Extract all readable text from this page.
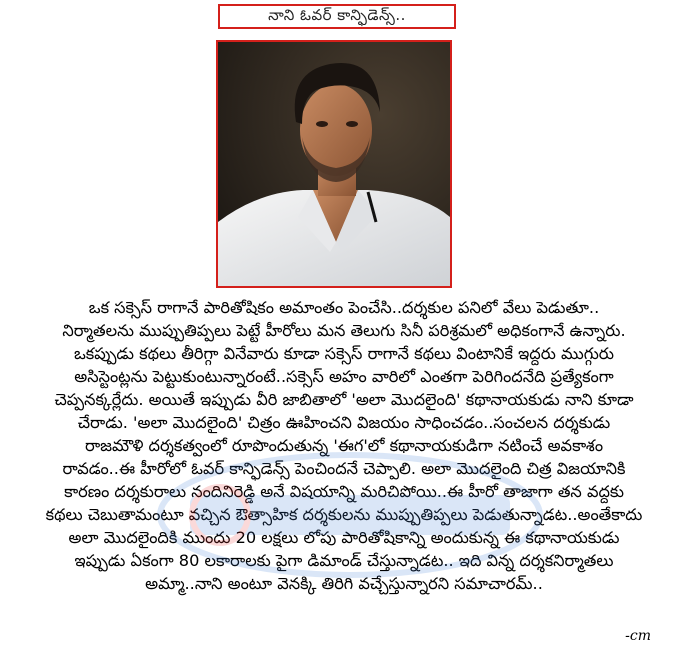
నాని ఓవర్ కాన్ఫిడెన్స్..
ఒక సక్సెస్ రాగానే పారితోషికం అమాంతం పెంచేసి..దర్శకుల పనిలో వేలు పెడుతూ..
నిర్మాతలను ముప్పుతిప్పలు పెట్టే హీరోలు మన తెలుగు సినీ పరిశ్రమలో అధికంగానే ఉన్నారు.
ఒకప్పుడు కథలు తీరిగ్గా వినేవారు కూడా సక్సెస్ రాగానే కథలు వింటానికే ఇద్దరు ముగ్గురు
అసిస్టెంట్లను పెట్టుకుంటున్నారంటే..సక్సెస్ అహం వారిలో ఎంతగా పెరిగిందనేది ప్రత్యేకంగా
చెప్పనక్కర్లేదు. అయితే ఇప్పుడు వీరి జాబితాలో 'అలా మొదలైంది' కథానాయకుడు నాని కూడా
చేరాడు. 'అలా మొదలైంది' చిత్రం ఊహించని విజయం సాధించడం..సంచలన దర్శకుడు
రాజమౌళి దర్శకత్వంలో రూపొందుతున్న 'ఈగ'లో కథానాయకుడిగా నటించే అవకాశం
రావడం..ఈ హీరోలో ఓవర్ కాన్ఫిడెన్స్ పెంచిందనే చెప్పాలి. అలా మొదలైంది చిత్ర విజయానికి
కారణం దర్శకురాలు నందినిరెడ్డి అనే విషయాన్ని మరిచిపోయి..ఈ హీరో తాజాగా తన వద్దకు
కథలు చెబుతామంటూ వచ్చిన ఔత్సాహిక దర్శకులను ముప్పుతిప్పలు పెడుతున్నాడట..అంతేకాదు
అలా మొదలైందికి ముందు 20 లక్షలు లోపు పారితోషికాన్ని అందుకున్న ఈ కథానాయకుడు
ఇప్పుడు ఏకంగా 80 లకారాలకు పైగా డిమాండ్ చేస్తున్నాడట.. ఇది విన్న దర్శకనిర్మాతలు
అమ్మా..నాని అంటూ వెనక్కి తిరిగి వచ్చేస్తున్నారని సమాచారమ్..
-cm
